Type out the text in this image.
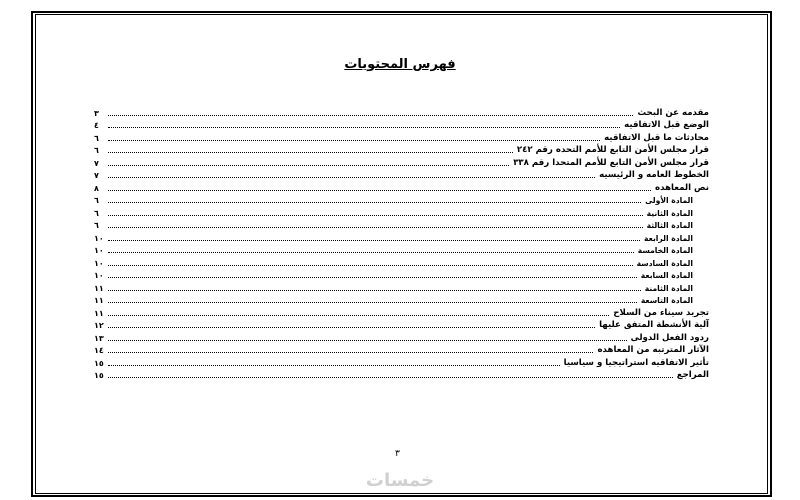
فهرس المحتويات
مقدمه عن البحث
٣
الوضع قبل الاتفاقيه
٤
محادثات ما قبل الاتفاقيه
٦
قرار مجلس الأمن التابع للأمم التحده رقم ٢٤٢
٦
قرار مجلس الأمن التابع للأمم المتحدا رقم ٣٣٨
٧
الخطوط العامه و الرئيسيه
٧
نص المعاهده
٨
المادة الأولى
٦
المادة الثانية
٦
المادة الثالثة
٦
المادة الرابعة
١٠
المادة الخامسة
١٠
المادة السادسة
١٠
المادة السابعة
١٠
المادة الثامنة
١١
المادة التاسعة
١١
تجريد سيناء من السلاح
١١
آلية الأنشطة المتفق عليها
١٢
ردود الفعل الدولى
١٣
الآثار المترتبه من المعاهده
١٤
تأثير الاتفاقيه استراتيجيا و سياسيا
١٥
المراجع
١٥
٣
خمسات
